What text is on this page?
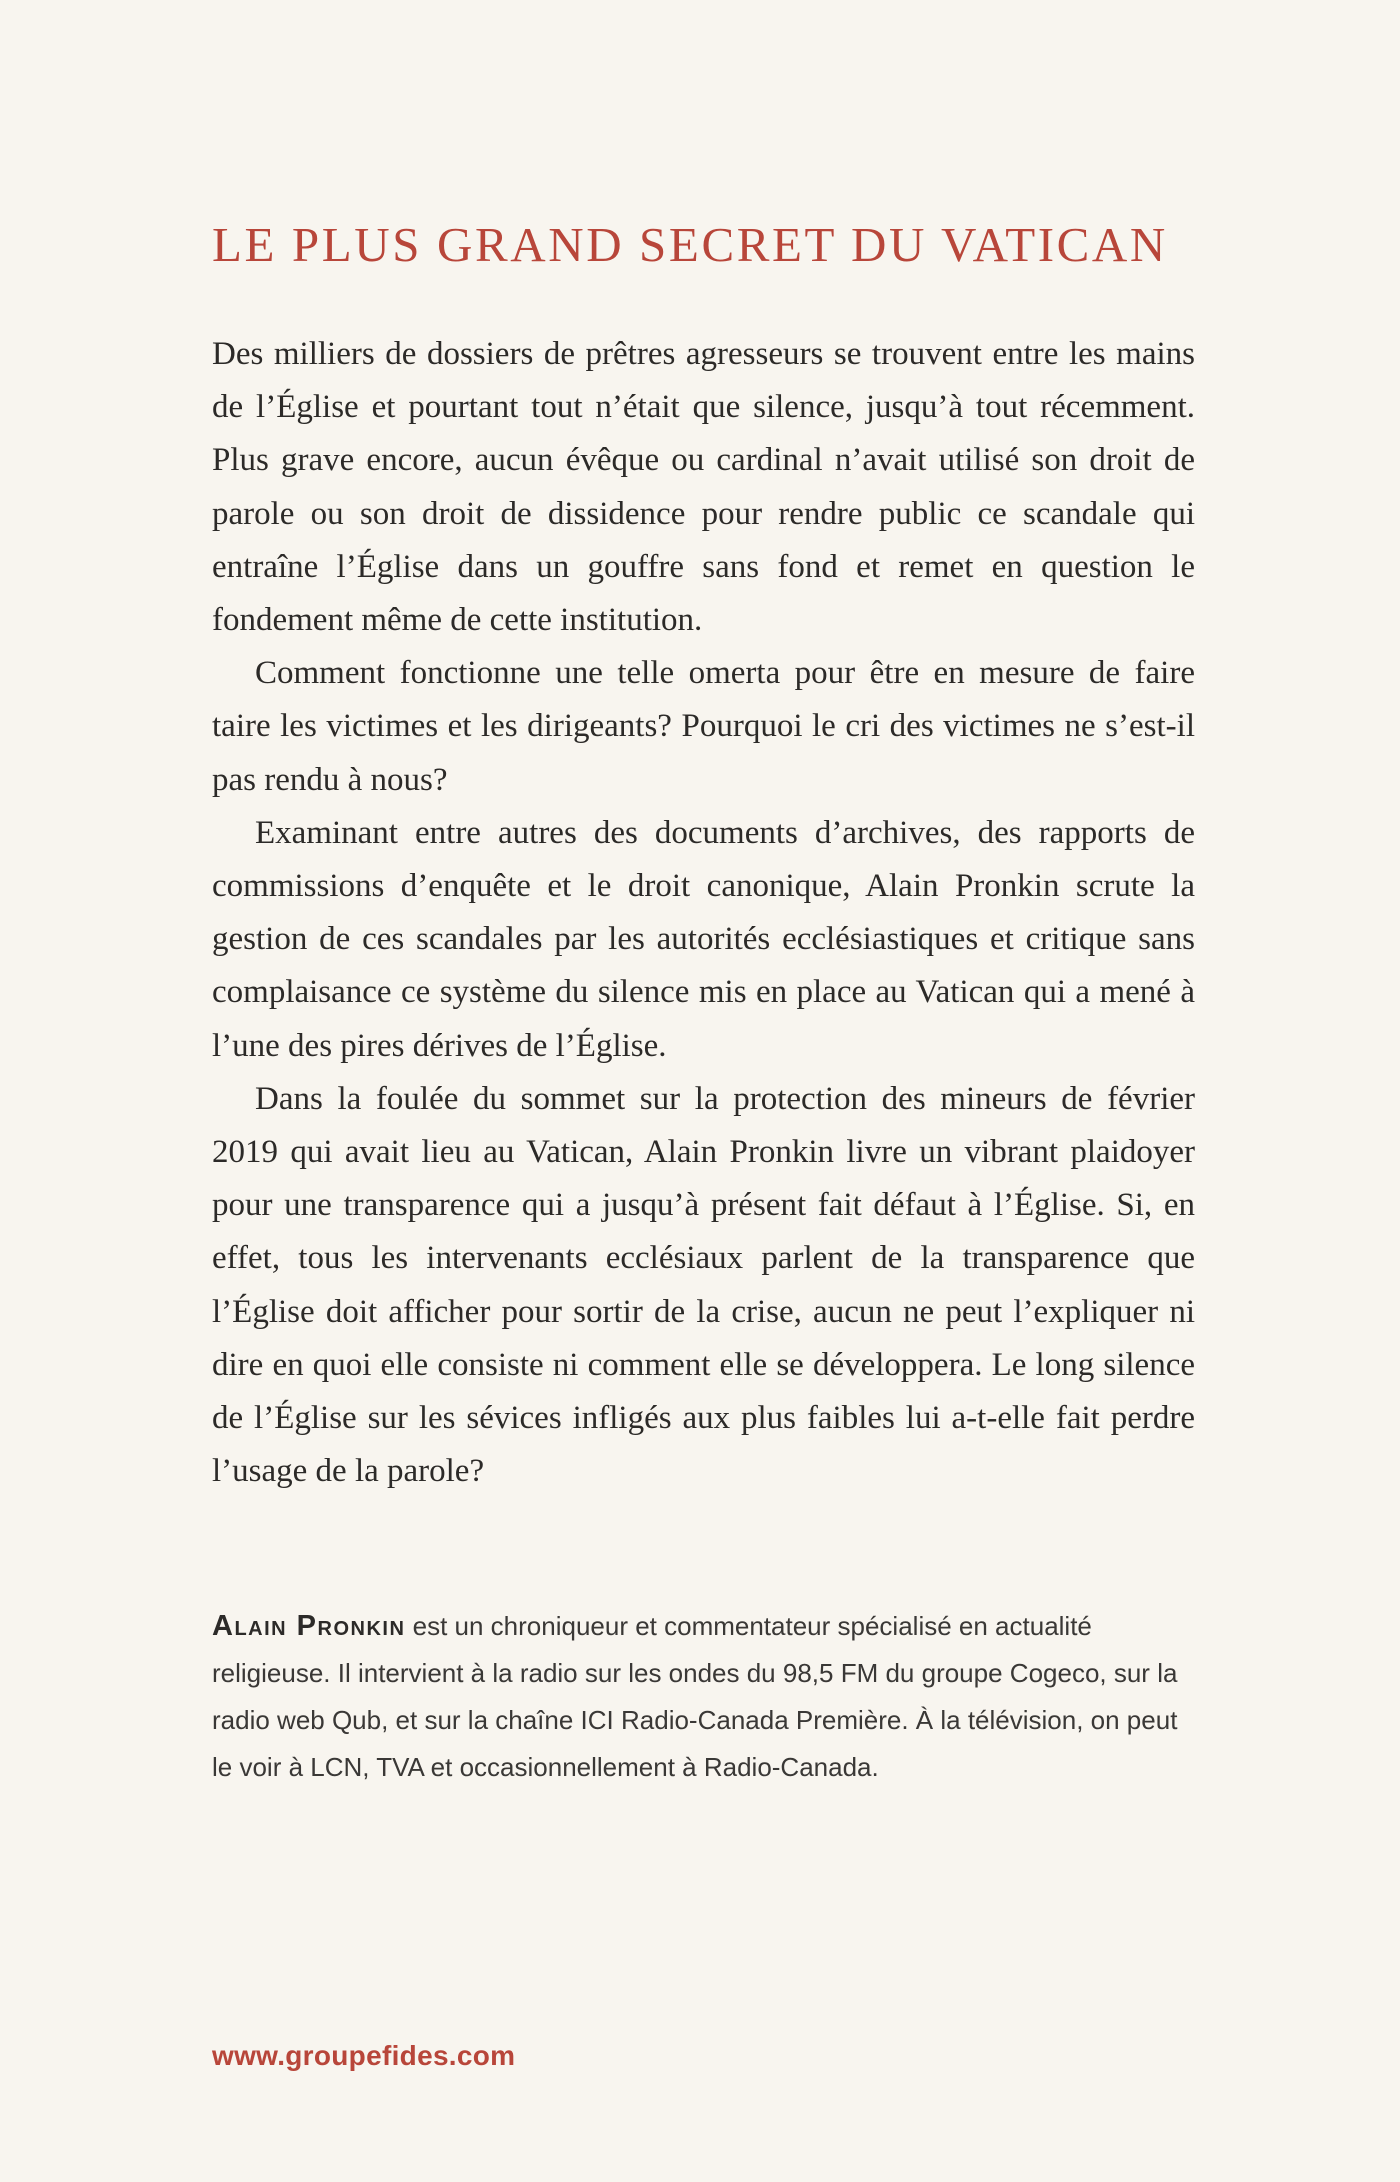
LE PLUS GRAND SECRET DU VATICAN

Des milliers de dossiers de prêtres agresseurs se trouvent entre les mains de l’Église et pourtant tout n’était que silence, jusqu’à tout récemment. Plus grave encore, aucun évêque ou cardinal n’avait utilisé son droit de parole ou son droit de dissidence pour rendre public ce scandale qui entraîne l’Église dans un gouffre sans fond et remet en question le fondement même de cette institution.

Comment fonctionne une telle omerta pour être en mesure de faire taire les victimes et les dirigeants? Pourquoi le cri des victimes ne s’est-il pas rendu à nous?

Examinant entre autres des documents d’archives, des rapports de commissions d’enquête et le droit canonique, Alain Pronkin scrute la gestion de ces scandales par les autorités ecclésiastiques et critique sans complaisance ce système du silence mis en place au Vatican qui a mené à l’une des pires dérives de l’Église.

Dans la foulée du sommet sur la protection des mineurs de février 2019 qui avait lieu au Vatican, Alain Pronkin livre un vibrant plaidoyer pour une transparence qui a jusqu’à présent fait défaut à l’Église. Si, en effet, tous les intervenants ecclésiaux parlent de la transparence que l’Église doit afficher pour sortir de la crise, aucun ne peut l’expliquer ni dire en quoi elle consiste ni comment elle se développera. Le long silence de l’Église sur les sévices infligés aux plus faibles lui a-t-elle fait perdre l’usage de la parole?

Alain Pronkin est un chroniqueur et commentateur spécialisé en actualité religieuse. Il intervient à la radio sur les ondes du 98,5 FM du groupe Cogeco, sur la radio web Qub, et sur la chaîne ICI Radio-Canada Première. À la télévision, on peut le voir à LCN, TVA et occasionnellement à Radio-Canada.

www.groupefides.com
